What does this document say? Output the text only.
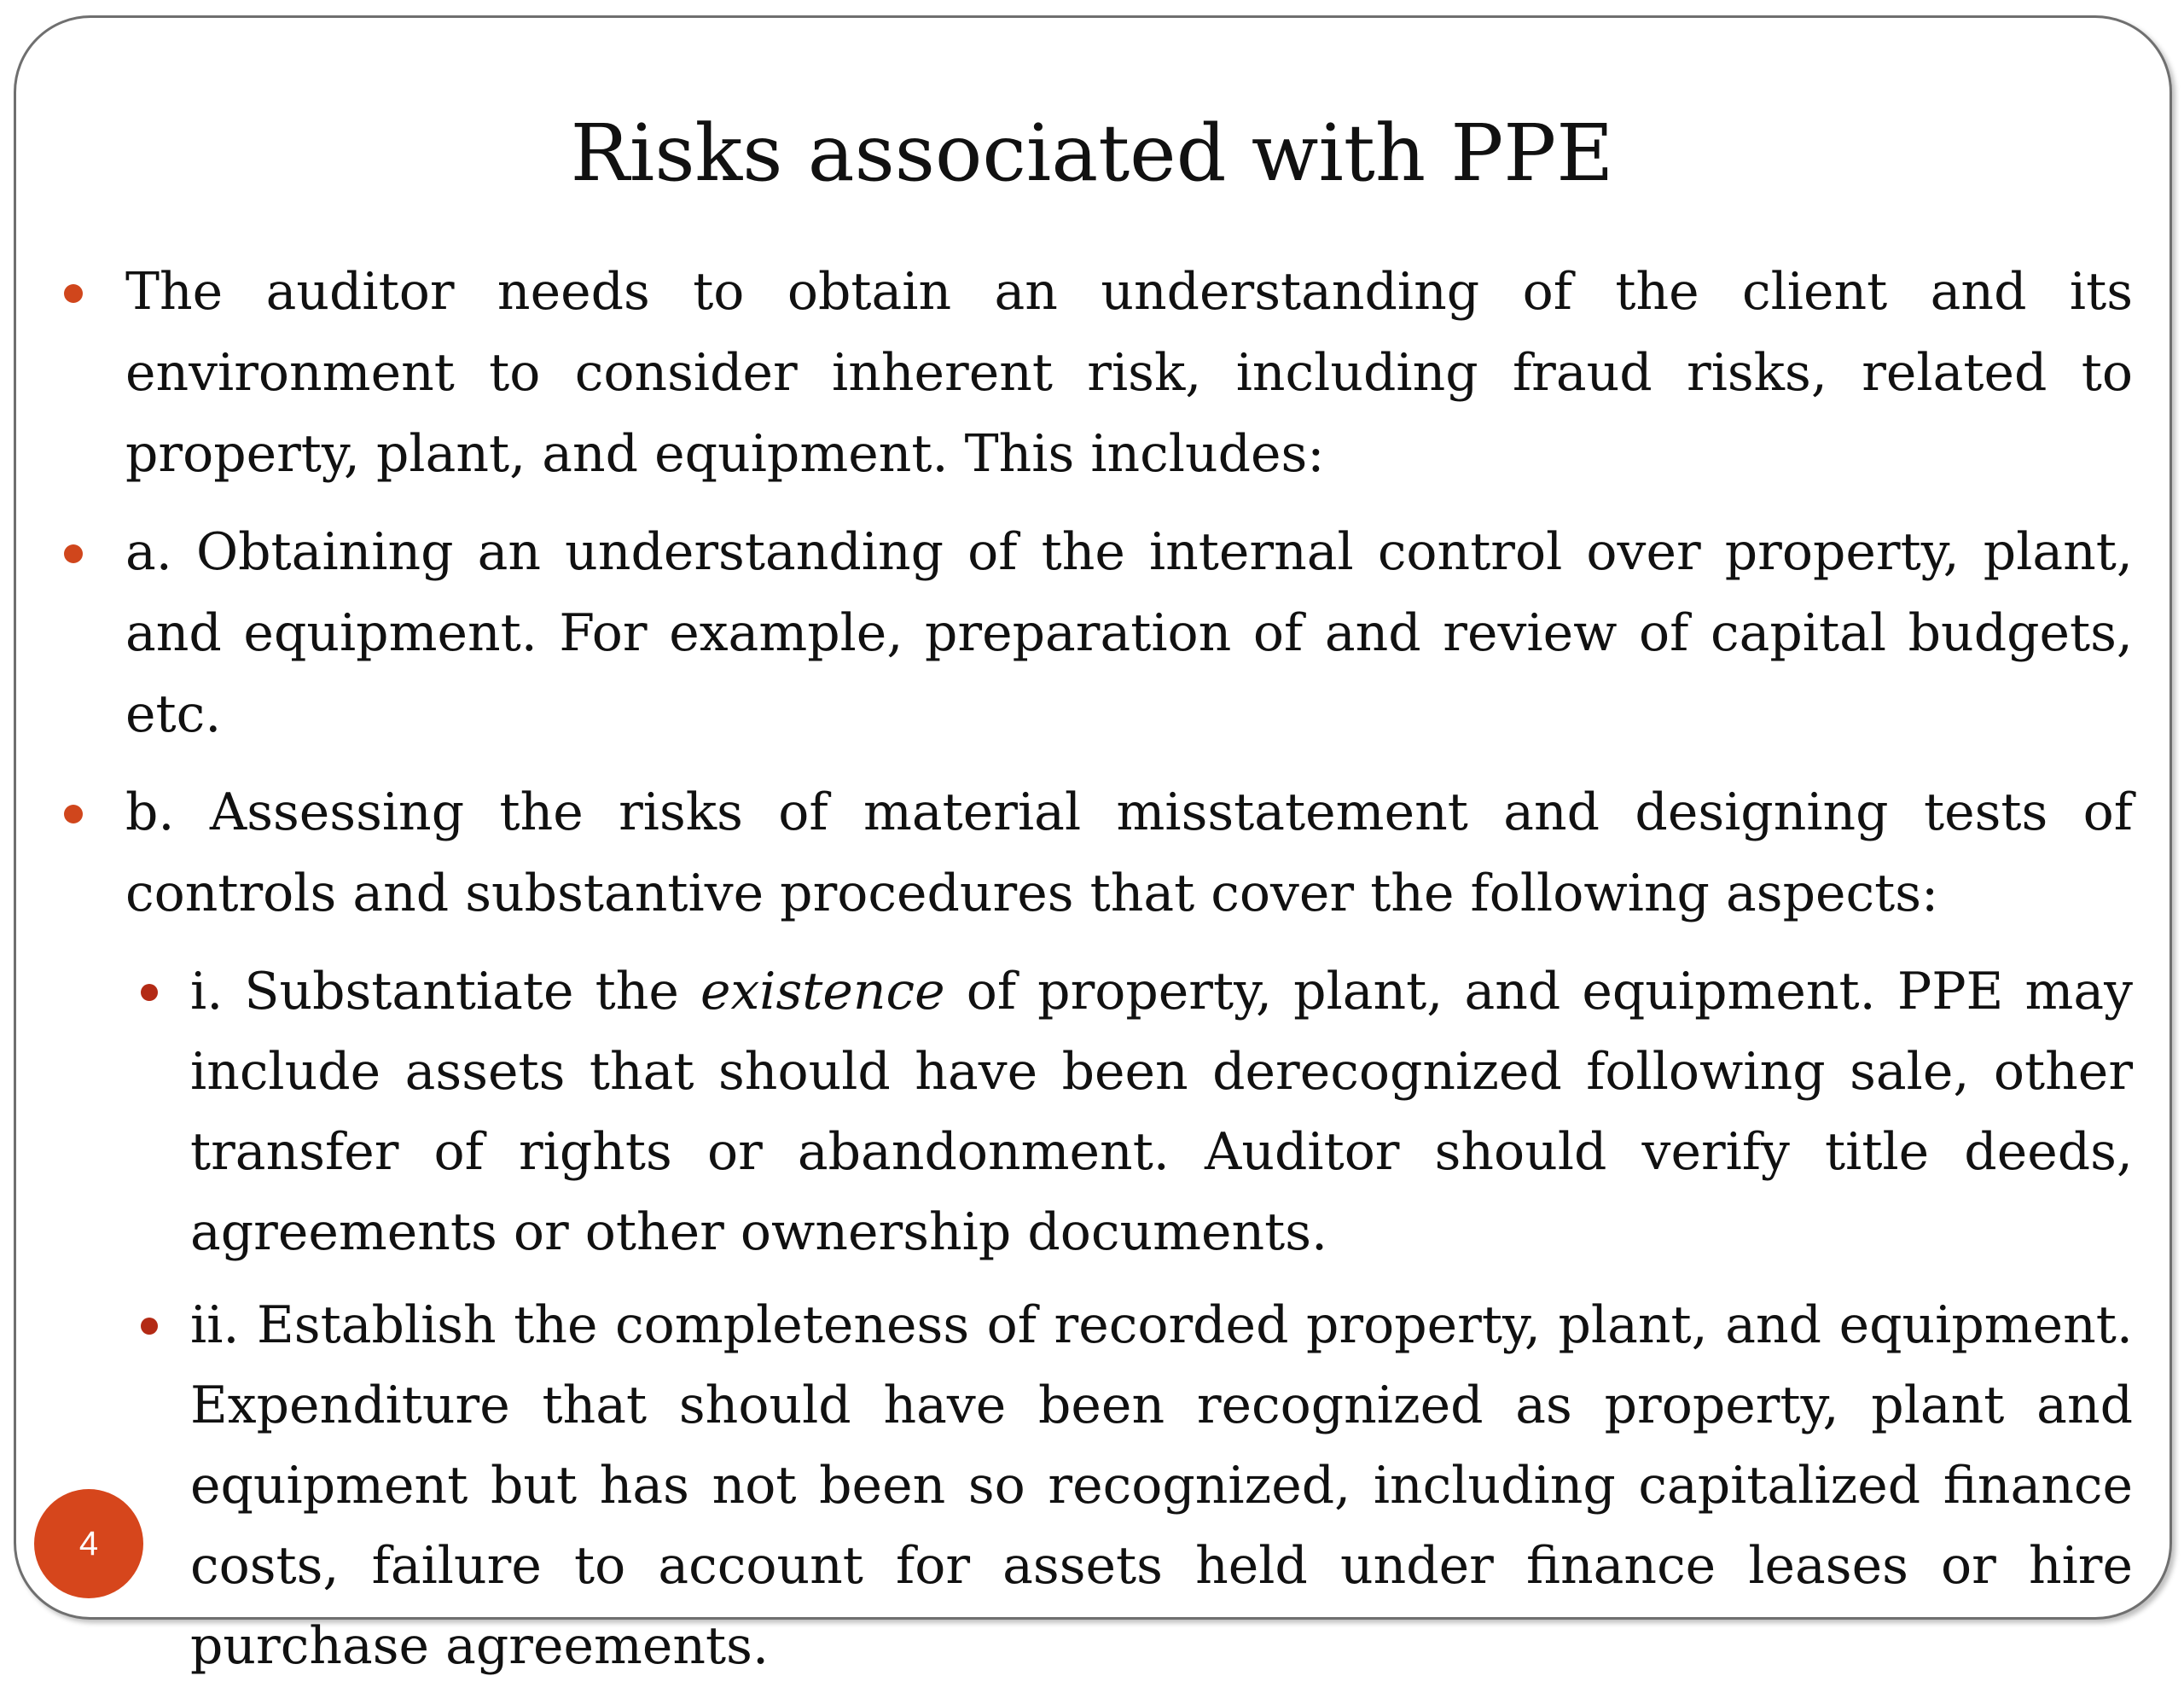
Risks associated with PPE
The auditor needs to obtain an understanding of the client and its environment to consider inherent risk, including fraud risks, related to property, plant, and equipment. This includes:
a. Obtaining an understanding of the internal control over property, plant, and equipment. For example, preparation of and review of capital budgets, etc.
b. Assessing the risks of material misstatement and designing tests of controls and substantive procedures that cover the following aspects:
i. Substantiate the existence of property, plant, and equipment. PPE may include assets that should have been derecognized following sale, other transfer of rights or abandonment. Auditor should verify title deeds, agreements or other ownership documents.
ii. Establish the completeness of recorded property, plant, and equipment. Expenditure that should have been recognized as property, plant and equipment but has not been so recognized, including capitalized finance costs, failure to account for assets held under finance leases or hire purchase agreements.
4
